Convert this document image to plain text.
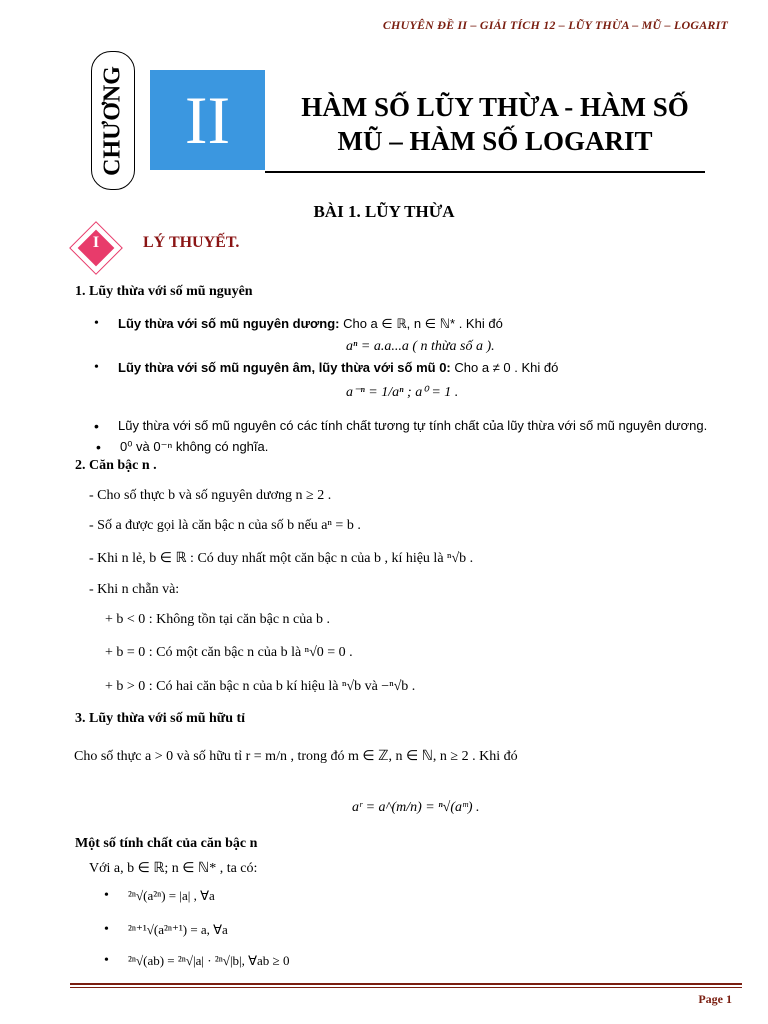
CHUYÊN ĐỀ II – GIẢI TÍCH 12 – LŨY THỪA – MŨ – LOGARIT
CHƯƠNG II	HÀM SỐ LŨY THỪA - HÀM SỐ
MŨ – HÀM SỐ LOGARIT
BÀI 1. LŨY THỪA
I	LÝ THUYẾT.
1. Lũy thừa với số mũ nguyên
• Lũy thừa với số mũ nguyên dương: Cho a ∈ ℝ, n ∈ ℕ* . Khi đó
aⁿ = a.a...a ( n thừa số a ).
• Lũy thừa với số mũ nguyên âm, lũy thừa với số mũ 0: Cho a ≠ 0 . Khi đó
a⁻ⁿ = 1/aⁿ ; a⁰ = 1 .
• Lũy thừa với số mũ nguyên có các tính chất tương tự tính chất của lũy thừa với số mũ nguyên dương.
• 0⁰ và 0⁻ⁿ không có nghĩa.
2. Căn bậc n .
- Cho số thực b và số nguyên dương n ≥ 2 .
- Số a được gọi là căn bậc n của số b nếu aⁿ = b .
- Khi n lẻ, b ∈ ℝ : Có duy nhất một căn bậc n của b , kí hiệu là ⁿ√b .
- Khi n chẵn và:
+ b < 0 : Không tồn tại căn bậc n của b .
+ b = 0 : Có một căn bậc n của b là ⁿ√0 = 0 .
+ b > 0 : Có hai căn bậc n của b kí hiệu là ⁿ√b và −ⁿ√b .
3. Lũy thừa với số mũ hữu tỉ
Cho số thực a > 0 và số hữu tỉ r = m/n , trong đó m ∈ ℤ, n ∈ ℕ, n ≥ 2 . Khi đó
aʳ = a^(m/n) = ⁿ√(aᵐ) .
Một số tính chất của căn bậc n
Với a, b ∈ ℝ; n ∈ ℕ* , ta có:
• ²ⁿ√(a²ⁿ) = |a| , ∀a
• ²ⁿ⁺¹√(a²ⁿ⁺¹) = a, ∀a
• ²ⁿ√(ab) = ²ⁿ√|a| · ²ⁿ√|b|, ∀ab ≥ 0
Page 1
